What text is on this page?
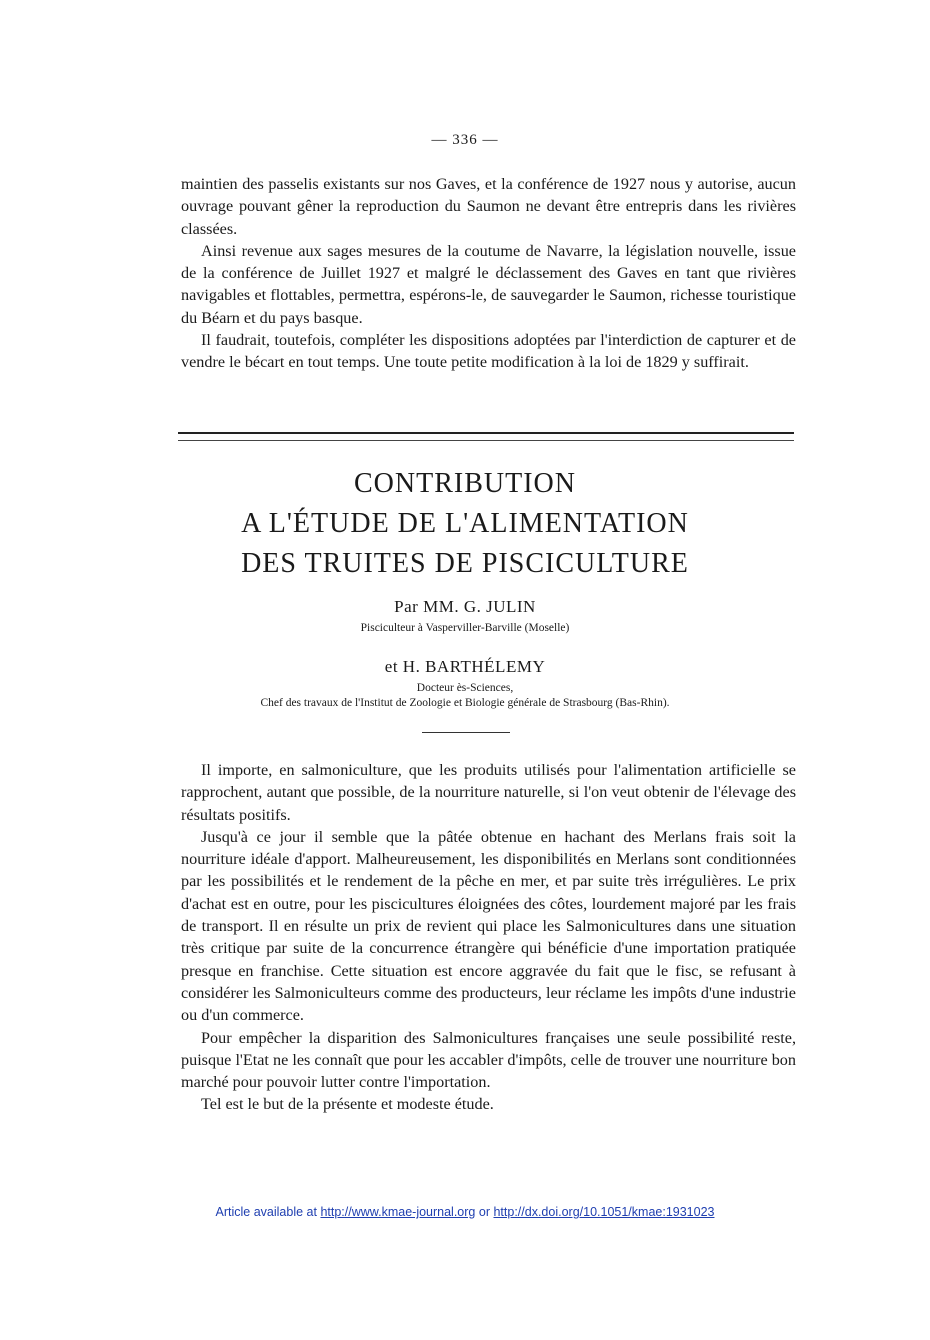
— 336 —

maintien des passelis existants sur nos Gaves, et la conférence de 1927 nous y autorise, aucun ouvrage pouvant gêner la reproduction du Saumon ne devant être entrepris dans les rivières classées.

Ainsi revenue aux sages mesures de la coutume de Navarre, la législation nouvelle, issue de la conférence de Juillet 1927 et malgré le déclassement des Gaves en tant que rivières navigables et flottables, permettra, espérons-le, de sauvegarder le Saumon, richesse touristique du Béarn et du pays basque.

Il faudrait, toutefois, compléter les dispositions adoptées par l'interdiction de capturer et de vendre le bécart en tout temps. Une toute petite modification à la loi de 1829 y suffirait.

CONTRIBUTION
A L'ÉTUDE DE L'ALIMENTATION
DES TRUITES DE PISCICULTURE
Par MM. G. JULIN
Pisciculteur à Vasperviller-Barville (Moselle)
et H. BARTHÉLEMY
Docteur ès-Sciences,
Chef des travaux de l'Institut de Zoologie et Biologie générale de Strasbourg (Bas-Rhin).

Il importe, en salmoniculture, que les produits utilisés pour l'alimentation artificielle se rapprochent, autant que possible, de la nourriture naturelle, si l'on veut obtenir de l'élevage des résultats positifs.

Jusqu'à ce jour il semble que la pâtée obtenue en hachant des Merlans frais soit la nourriture idéale d'apport. Malheureusement, les disponibilités en Merlans sont conditionnées par les possibilités et le rendement de la pêche en mer, et par suite très irrégulières. Le prix d'achat est en outre, pour les piscicultures éloignées des côtes, lourdement majoré par les frais de transport. Il en résulte un prix de revient qui place les Salmonicultures dans une situation très critique par suite de la concurrence étrangère qui bénéficie d'une importation pratiquée presque en franchise. Cette situation est encore aggravée du fait que le fisc, se refusant à considérer les Salmoniculteurs comme des producteurs, leur réclame les impôts d'une industrie ou d'un commerce.

Pour empêcher la disparition des Salmonicultures françaises une seule possibilité reste, puisque l'Etat ne les connaît que pour les accabler d'impôts, celle de trouver une nourriture bon marché pour pouvoir lutter contre l'importation.

Tel est le but de la présente et modeste étude.

Article available at http://www.kmae-journal.org or http://dx.doi.org/10.1051/kmae:1931023
